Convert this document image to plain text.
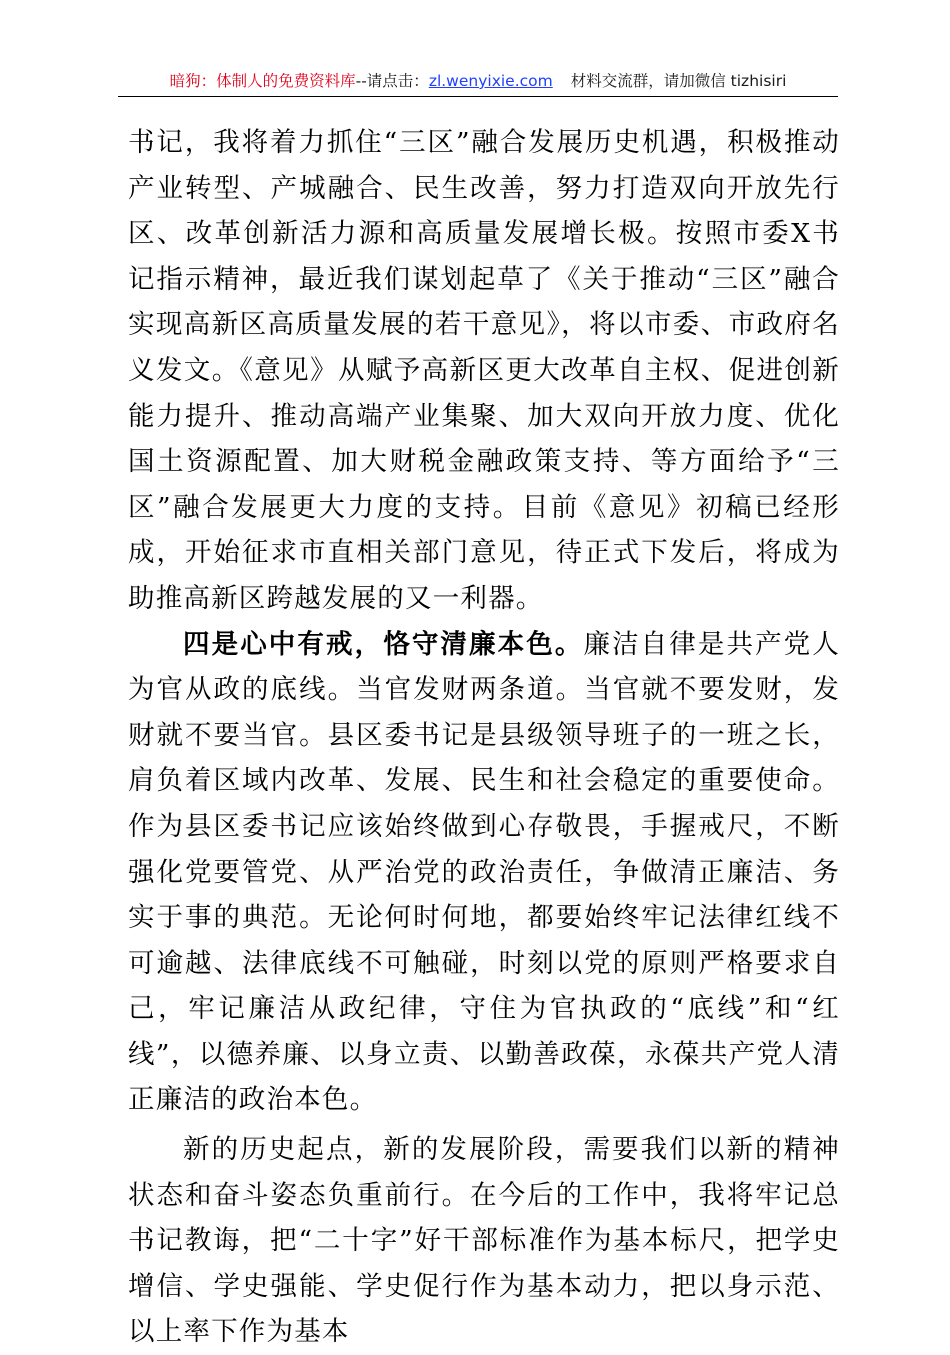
暗狗：体制人的免费资料库--请点击：zl.wenyixie.com 材料交流群，请加微信 tizhisiri

书记，我将着力抓住“三区”融合发展历史机遇，积极推动产业转型、产城融合、民生改善，努力打造双向开放先行区、改革创新活力源和高质量发展增长极。按照市委X书记指示精神，最近我们谋划起草了《关于推动“三区”融合实现高新区高质量发展的若干意见》，将以市委、市政府名义发文。《意见》从赋予高新区更大改革自主权、促进创新能力提升、推动高端产业集聚、加大双向开放力度、优化国土资源配置、加大财税金融政策支持、等方面给予“三区”融合发展更大力度的支持。目前《意见》初稿已经形成，开始征求市直相关部门意见，待正式下发后，将成为助推高新区跨越发展的又一利器。

四是心中有戒，恪守清廉本色。廉洁自律是共产党人为官从政的底线。当官发财两条道。当官就不要发财，发财就不要当官。县区委书记是县级领导班子的一班之长，肩负着区域内改革、发展、民生和社会稳定的重要使命。作为县区委书记应该始终做到心存敬畏，手握戒尺，不断强化党要管党、从严治党的政治责任，争做清正廉洁、务实于事的典范。无论何时何地，都要始终牢记法律红线不可逾越、法律底线不可触碰，时刻以党的原则严格要求自己，牢记廉洁从政纪律，守住为官执政的“底线”和“红线”，以德养廉、以身立责、以勤善政葆，永葆共产党人清正廉洁的政治本色。

新的历史起点，新的发展阶段，需要我们以新的精神状态和奋斗姿态负重前行。在今后的工作中，我将牢记总书记教诲，把“二十字”好干部标准作为基本标尺，把学史增信、学史强能、学史促行作为基本动力，把以身示范、以上率下作为基本
